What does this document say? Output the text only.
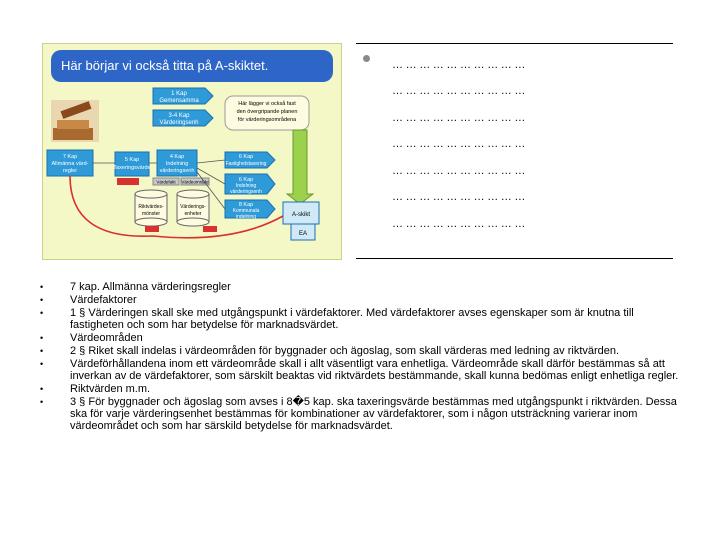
1 Kap
Gemensamma
3-4 Kap
Värderingsenh
Här lägger vi också fast
den övergripande planen
för värderingsområdena
7 Kap
Allmänna värd-
regler
5 Kap
Taxeringsvärde
4 Kap
Indelning
värderingsenh
6 Kap
Fastighetstaxering
6 Kap
Indelning
värderingsenh
8 Kap
Kommunala
indelning	A-skikt
EA
Värdefakt Värdeområde
Riktvärdes-
mönster
Värderings-
enheter
Här börjar vi också titta på A-skiktet.	…………………………
…………………………
…………………………
…………………………
…………………………
…………………………
…………………………
•	7 kap. Allmänna värderingsregler
•	Värdefaktorer
•	1 § Värderingen skall ske med utgångspunkt i värdefaktorer. Med värdefaktorer avses egenskaper som är knutna till fastigheten och som har betydelse för marknadsvärdet.
•	Värdeområden
•	2 § Riket skall indelas i värdeområden för byggnader och ägoslag, som skall värderas med ledning av riktvärden.
•	Värdeförhållandena inom ett värdeområde skall i allt väsentligt vara enhetliga. Värdeområde skall därför bestämmas så att inverkan av de värdefaktorer, som särskilt beaktas vid riktvärdets bestämmande, skall kunna bedömas enligt enhetliga regler.
•	Riktvärden m.m.
•	3 § För byggnader och ägoslag som avses i 8�5 kap. ska taxeringsvärde bestämmas med utgångspunkt i riktvärden. Dessa ska för varje värderingsenhet bestämmas för kombinationer av värdefaktorer, som i någon utsträckning varierar inom värdeområdet och som har särskild betydelse för marknadsvärdet.
